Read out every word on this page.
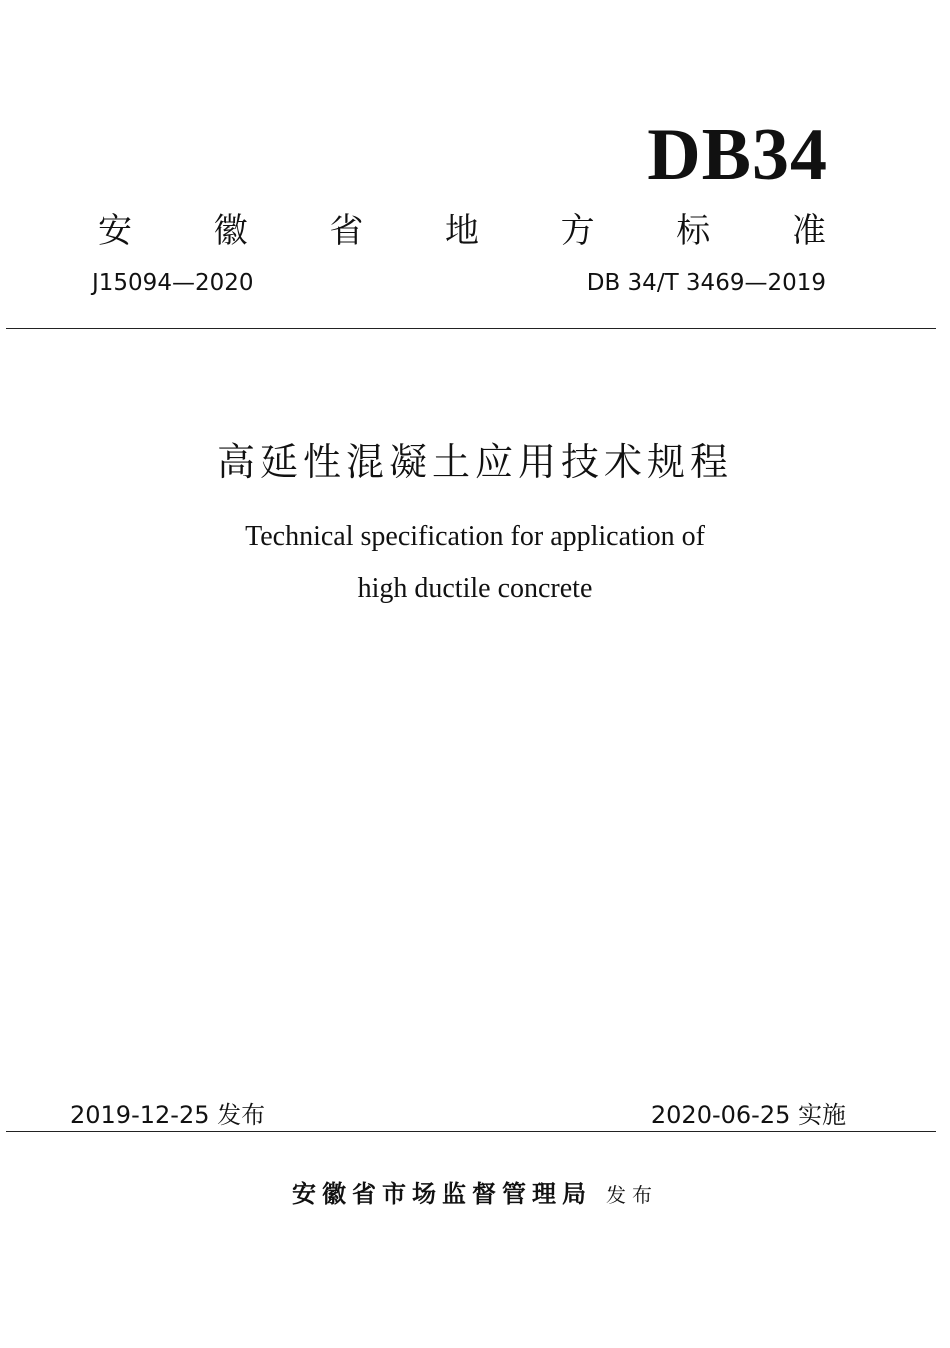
DB34
安 徽 省 地 方 标 准
J15094—2020	DB 34/T 3469—2019
高延性混凝土应用技术规程
Technical specification for application of
high ductile concrete
2019-12-25 发布	2020-06-25 实施
安徽省市场监督管理局 发布
